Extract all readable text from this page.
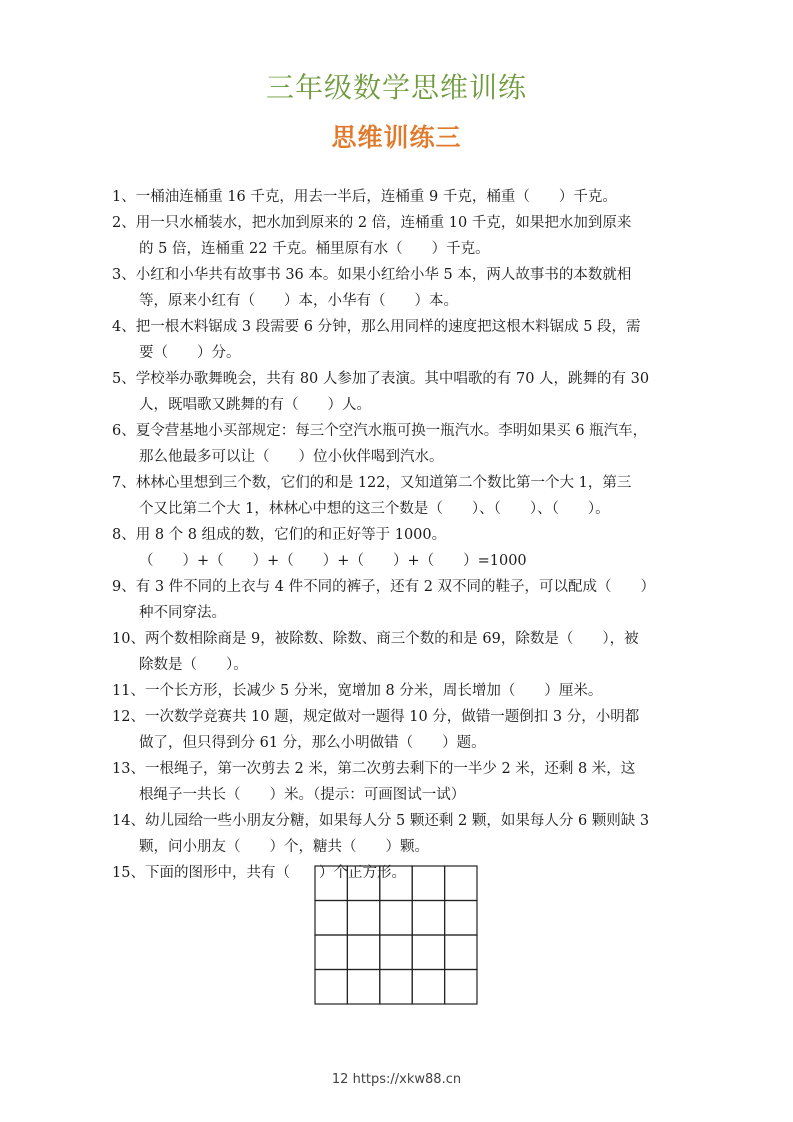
三年级数学思维训练
思维训练三
1、一桶油连桶重 16 千克，用去一半后，连桶重 9 千克，桶重（　　）千克。
2、用一只水桶装水，把水加到原来的 2 倍，连桶重 10 千克，如果把水加到原来
的 5 倍，连桶重 22 千克。桶里原有水（　　）千克。
3、小红和小华共有故事书 36 本。如果小红给小华 5 本，两人故事书的本数就相
等，原来小红有（　　）本，小华有（　　）本。
4、把一根木料锯成 3 段需要 6 分钟，那么用同样的速度把这根木料锯成 5 段，需
要（　　）分。
5、学校举办歌舞晚会，共有 80 人参加了表演。其中唱歌的有 70 人，跳舞的有 30
人，既唱歌又跳舞的有（　　）人。
6、夏令营基地小买部规定：每三个空汽水瓶可换一瓶汽水。李明如果买 6 瓶汽车，
那么他最多可以让（　　）位小伙伴喝到汽水。
7、林林心里想到三个数，它们的和是 122，又知道第二个数比第一个大 1，第三
个又比第二个大 1，林林心中想的这三个数是（　　）、（　　）、（　　）。
8、用 8 个 8 组成的数，它们的和正好等于 1000。
（　　）+（　　）+（　　）+（　　）+（　　）=1000
9、有 3 件不同的上衣与 4 件不同的裤子，还有 2 双不同的鞋子，可以配成（　　）
种不同穿法。
10、两个数相除商是 9，被除数、除数、商三个数的和是 69，除数是（　　），被
除数是（　　）。
11、一个长方形，长减少 5 分米，宽增加 8 分米，周长增加（　　）厘米。
12、一次数学竞赛共 10 题，规定做对一题得 10 分，做错一题倒扣 3 分，小明都
做了，但只得到分 61 分，那么小明做错（　　）题。
13、一根绳子，第一次剪去 2 米，第二次剪去剩下的一半少 2 米，还剩 8 米，这
根绳子一共长（　　）米。（提示：可画图试一试）
14、幼儿园给一些小朋友分糖，如果每人分 5 颗还剩 2 颗，如果每人分 6 颗则缺 3
颗，问小朋友（　　）个，糖共（　　）颗。
15、下面的图形中，共有（　　）个正方形。
12 https://xkw88.cn
